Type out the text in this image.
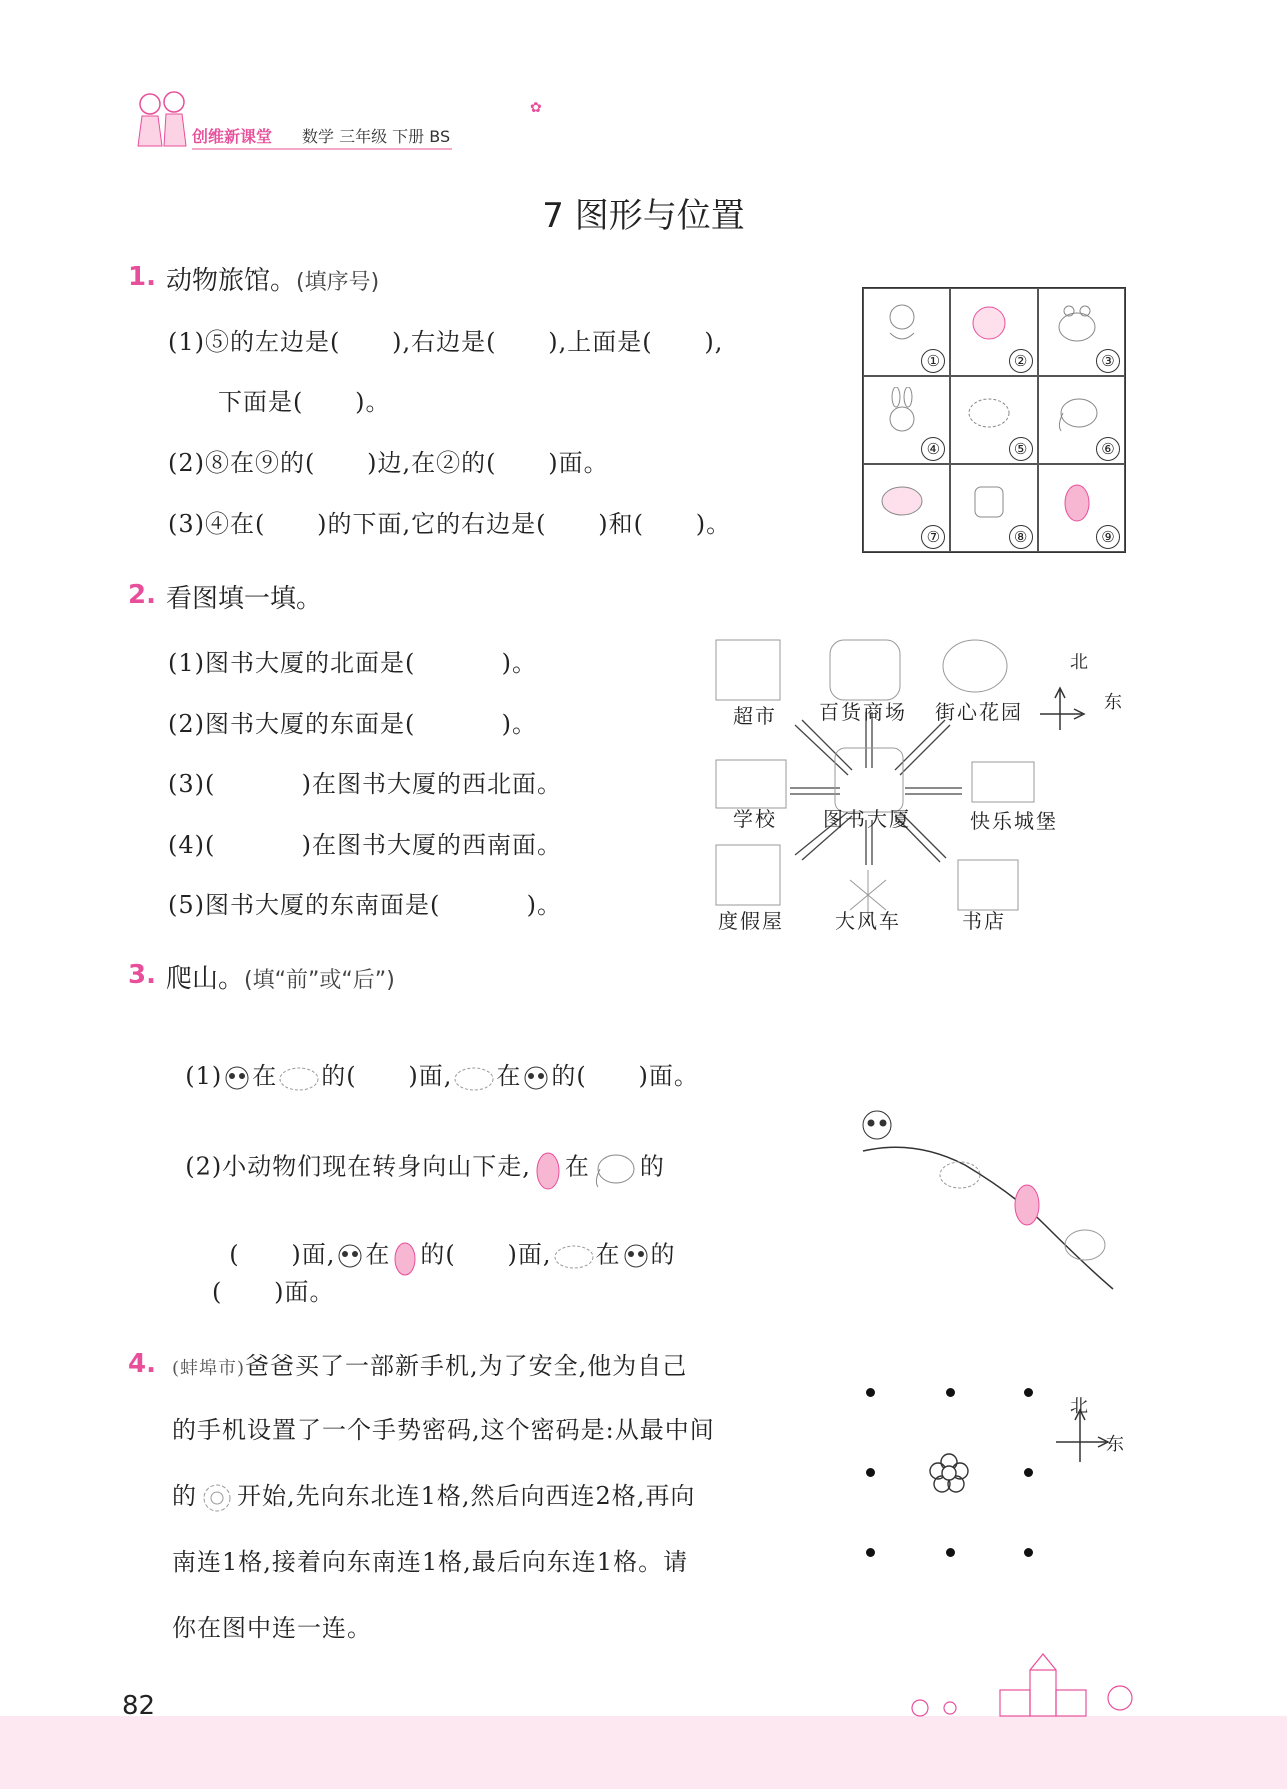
创维新课堂 数学 三年级 下册 BS
✿
7 图形与位置
1. 动物旅馆。(填序号)
(1)⑤的左边是(      ),右边是(      ),上面是(      ),
下面是(      )。
(2)⑧在⑨的(      )边,在②的(      )面。
(3)④在(      )的下面,它的右边是(      )和(      )。
①	②	③
④	⑤	⑥
⑦	⑧	⑨
2. 看图填一填。
(1)图书大厦的北面是(          )。
(2)图书大厦的东面是(          )。
(3)(          )在图书大厦的西北面。
(4)(          )在图书大厦的西南面。
(5)图书大厦的东南面是(          )。
超市 百货商场 街心花园
学校 图书大厦	快乐城堡
度假屋	大风车	书店
北
东
3. 爬山。(填“前”或“后”)

(1) 在 的(      )面, 在 的(      )面。

(2)小动物们现在转身向山下走, 在 的

(      )面, 在 的(      )面, 在 的

(      )面。
4. (蚌埠市)爸爸买了一部新手机,为了安全,他为自己
的手机设置了一个手势密码,这个密码是:从最中间
的 开始,先向东北连1格,然后向西连2格,再向
南连1格,接着向东南连1格,最后向东连1格。请
你在图中连一连。
北
东
82
